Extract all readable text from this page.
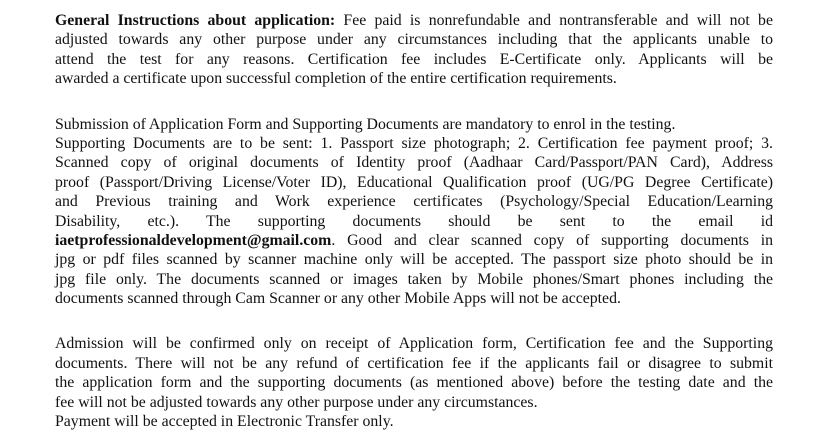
General Instructions about application: Fee paid is nonrefundable and nontransferable and will not be
adjusted towards any other purpose under any circumstances including that the applicants unable to
attend the test for any reasons. Certification fee includes E-Certificate only. Applicants will be
awarded a certificate upon successful completion of the entire certification requirements.
Submission of Application Form and Supporting Documents are mandatory to enrol in the testing.
Supporting Documents are to be sent: 1. Passport size photograph; 2. Certification fee payment proof; 3.
Scanned copy of original documents of Identity proof (Aadhaar Card/Passport/PAN Card), Address
proof (Passport/Driving License/Voter ID), Educational Qualification proof (UG/PG Degree Certificate)
and Previous training and Work experience certificates (Psychology/Special Education/Learning
Disability, etc.). The supporting documents should be sent to the email id
iaetprofessionaldevelopment@gmail.com. Good and clear scanned copy of supporting documents in
jpg or pdf files scanned by scanner machine only will be accepted. The passport size photo should be in
jpg file only. The documents scanned or images taken by Mobile phones/Smart phones including the
documents scanned through Cam Scanner or any other Mobile Apps will not be accepted.
Admission will be confirmed only on receipt of Application form, Certification fee and the Supporting
documents. There will not be any refund of certification fee if the applicants fail or disagree to submit
the application form and the supporting documents (as mentioned above) before the testing date and the
fee will not be adjusted towards any other purpose under any circumstances.
Payment will be accepted in Electronic Transfer only.
